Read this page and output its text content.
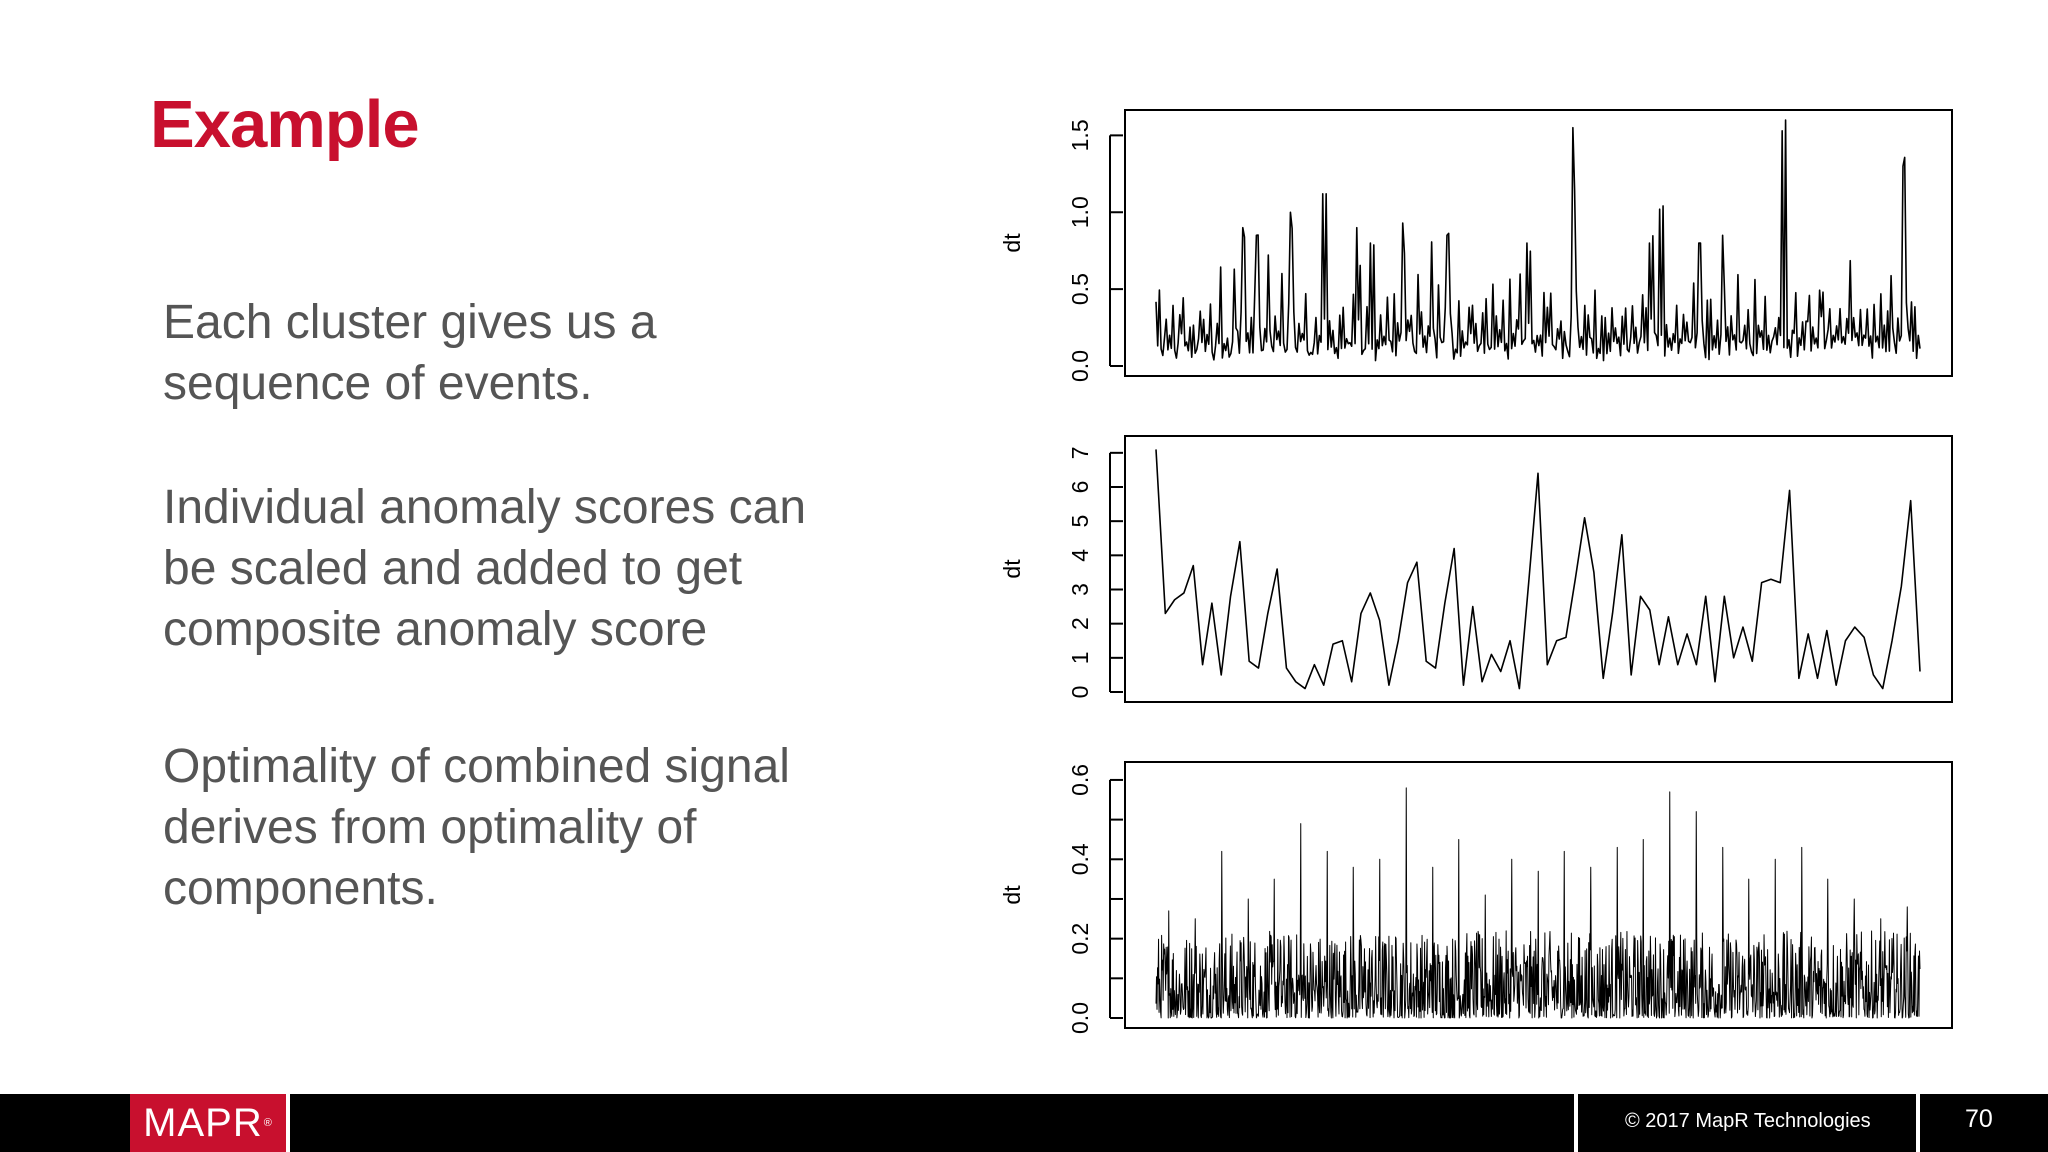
Example
Each cluster gives us a
sequence of events.
Individual anomaly scores can
be scaled and added to get
composite anomaly score
Optimality of combined signal
derives from optimality of
components.
0.0
0.5
1.0
1.5
dt
0
1
2
3
4
5
6
7
dt
0.0
0.2
0.4
0.6
dt
MAPR ®	© 2017 MapR Technologies	70
